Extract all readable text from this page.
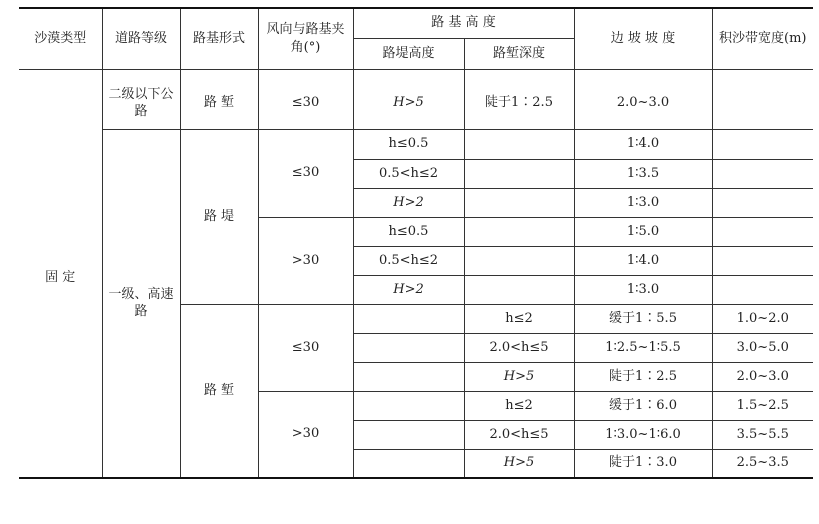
沙漠类型	道路等级	路基形式	风向与路基夹角(°)	路 基 高 度		边 坡 坡 度	积沙带宽度(m)
				路堤高度	路堑深度		

固 定	二级以下公路	路 堑	≤30	H>5	陡于1∶2.5	2.0~3.0	
	一级、高速路	路 堤	≤30	h≤0.5		1∶4.0	
				0.5<h≤2		1∶3.5	
				H>2		1∶3.0	
			>30	h≤0.5		1∶5.0	
				0.5<h≤2		1∶4.0	
				H>2		1∶3.0	
		路 堑	≤30		h≤2	缓于1∶5.5	1.0~2.0
					2.0<h≤5	1∶2.5~1∶5.5	3.0~5.0
					H>5	陡于1∶2.5	2.0~3.0
			>30		h≤2	缓于1∶6.0	1.5~2.5
					2.0<h≤5	1∶3.0~1∶6.0	3.5~5.5
					H>5	陡于1∶3.0	2.5~3.5
